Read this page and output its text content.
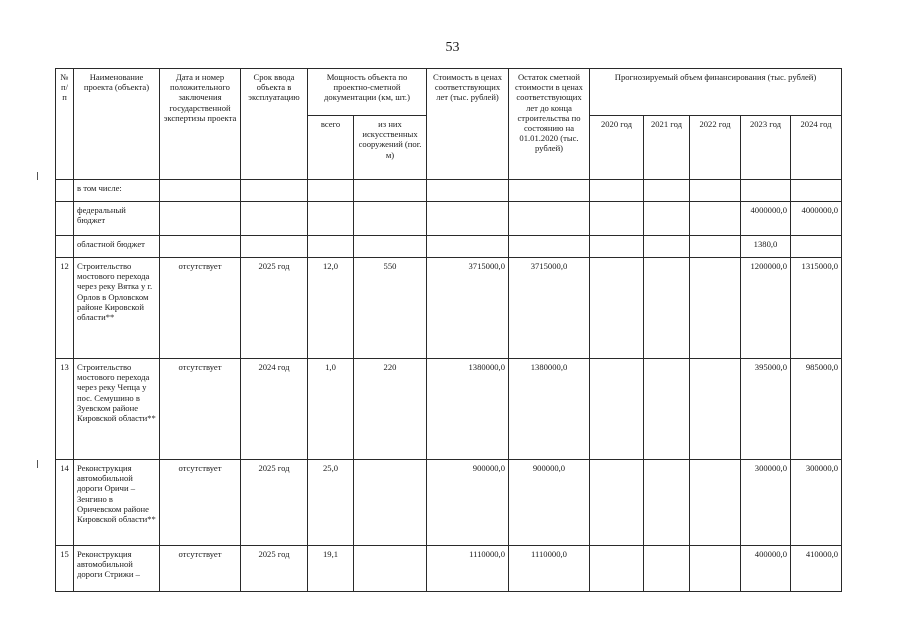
53
№ п/п	Наименование проекта (объекта)	Дата и номер положительного заключения государственной экспертизы проекта	Срок ввода объекта в эксплуатацию	Мощность объекта по проектно-сметной документации (км, шт.)		Стоимость в ценах соответствующих лет (тыс. рублей)	Остаток сметной стоимости в ценах соответствующих лет до конца строительства по состоянию на 01.01.2020 (тыс. рублей)	Прогнозируемый объем финансирования (тыс. рублей)				
				всего	из них искусственных сооружений (пог. м)			2020 год	2021 год	2022 год	2023 год	2024 год
	в том числе:											
	федеральный бюджет										4000000,0	4000000,0
	областной бюджет										1380,0	
12	Строительство мостового перехода через реку Вятка у г. Орлов в Орловском районе Кировской области**	отсутствует	2025 год	12,0	550	3715000,0	3715000,0				1200000,0	1315000,0
13	Строительство мостового перехода через реку Чепца у пос. Семушино в Зуевском районе Кировской области**	отсутствует	2024 год	1,0	220	1380000,0	1380000,0				395000,0	985000,0
14	Реконструкция автомобильной дороги Оричи – Зенгино в Оричевском районе Кировской области**	отсутствует	2025 год	25,0		900000,0	900000,0				300000,0	300000,0
15	Реконструкция автомобильной дороги Стрижи –	отсутствует	2025 год	19,1		1110000,0	1110000,0				400000,0	410000,0
